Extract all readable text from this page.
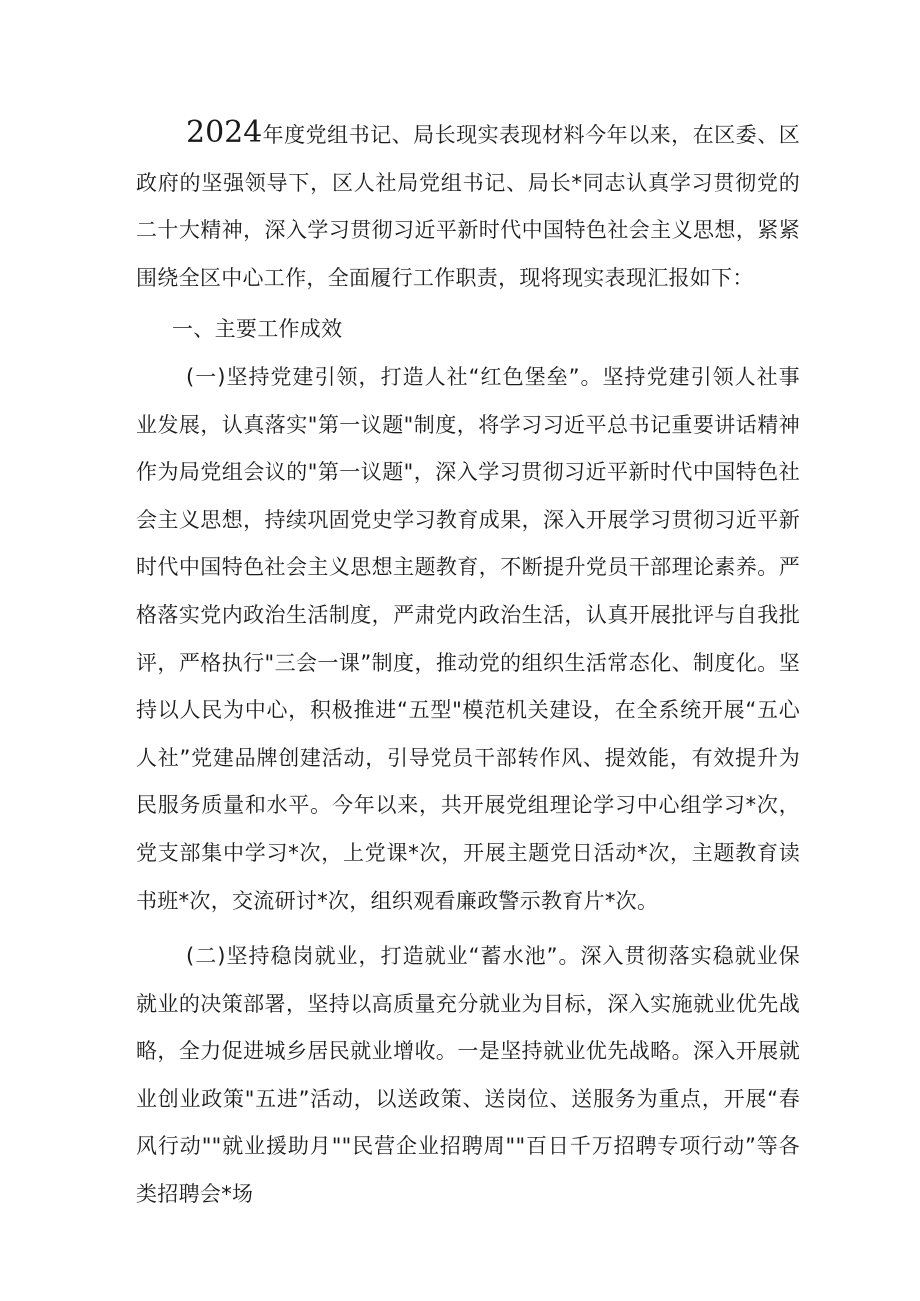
2024年度党组书记、局长现实表现材料今年以来，在区委、区政府的坚强领导下，区人社局党组书记、局长*同志认真学习贯彻党的二十大精神，深入学习贯彻习近平新时代中国特色社会主义思想，紧紧围绕全区中心工作，全面履行工作职责，现将现实表现汇报如下：

一、主要工作成效

(一)坚持党建引领，打造人社“红色堡垒”。坚持党建引领人社事业发展，认真落实"第一议题"制度，将学习习近平总书记重要讲话精神作为局党组会议的"第一议题"，深入学习贯彻习近平新时代中国特色社会主义思想，持续巩固党史学习教育成果，深入开展学习贯彻习近平新时代中国特色社会主义思想主题教育，不断提升党员干部理论素养。严格落实党内政治生活制度，严肃党内政治生活，认真开展批评与自我批评，严格执行"三会一课”制度，推动党的组织生活常态化、制度化。坚持以人民为中心，积极推进“五型"模范机关建设，在全系统开展“五心人社”党建品牌创建活动，引导党员干部转作风、提效能，有效提升为民服务质量和水平。今年以来，共开展党组理论学习中心组学习*次，党支部集中学习*次，上党课*次，开展主题党日活动*次，主题教育读书班*次，交流研讨*次，组织观看廉政警示教育片*次。

(二)坚持稳岗就业，打造就业“蓄水池”。深入贯彻落实稳就业保就业的决策部署，坚持以高质量充分就业为目标，深入实施就业优先战略，全力促进城乡居民就业增收。一是坚持就业优先战略。深入开展就业创业政策"五进”活动，以送政策、送岗位、送服务为重点，开展“春风行动""就业援助月""民营企业招聘周""百日千万招聘专项行动”等各类招聘会*场
